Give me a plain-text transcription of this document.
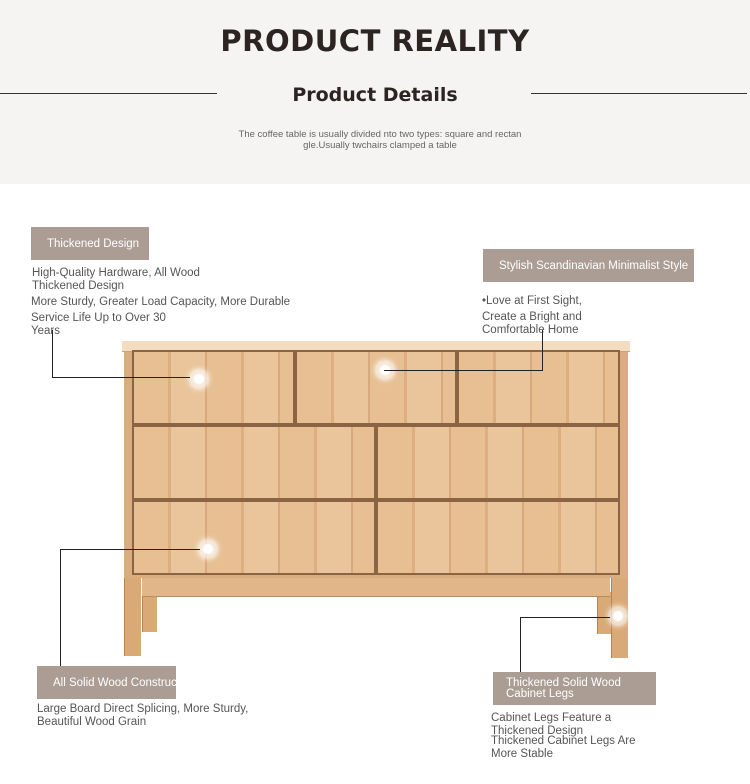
PRODUCT REALITY
Product Details
The coffee table is usually divided nto two types: square and rectan
gle.Usually twchairs clamped a table
Thickened Design
High-Quality Hardware, All Wood
Thickened Design
More Sturdy, Greater Load Capacity, More Durable
Service Life Up to Over 30
Years
Stylish Scandinavian Minimalist Style
•Love at First Sight,
Create a Bright and
Comfortable Home
All Solid Wood Construction
Large Board Direct Splicing, More Sturdy,
Beautiful Wood Grain
Thickened Solid Wood
Cabinet Legs
Cabinet Legs Feature a
Thickened Design
Thickened Cabinet Legs Are
More Stable
